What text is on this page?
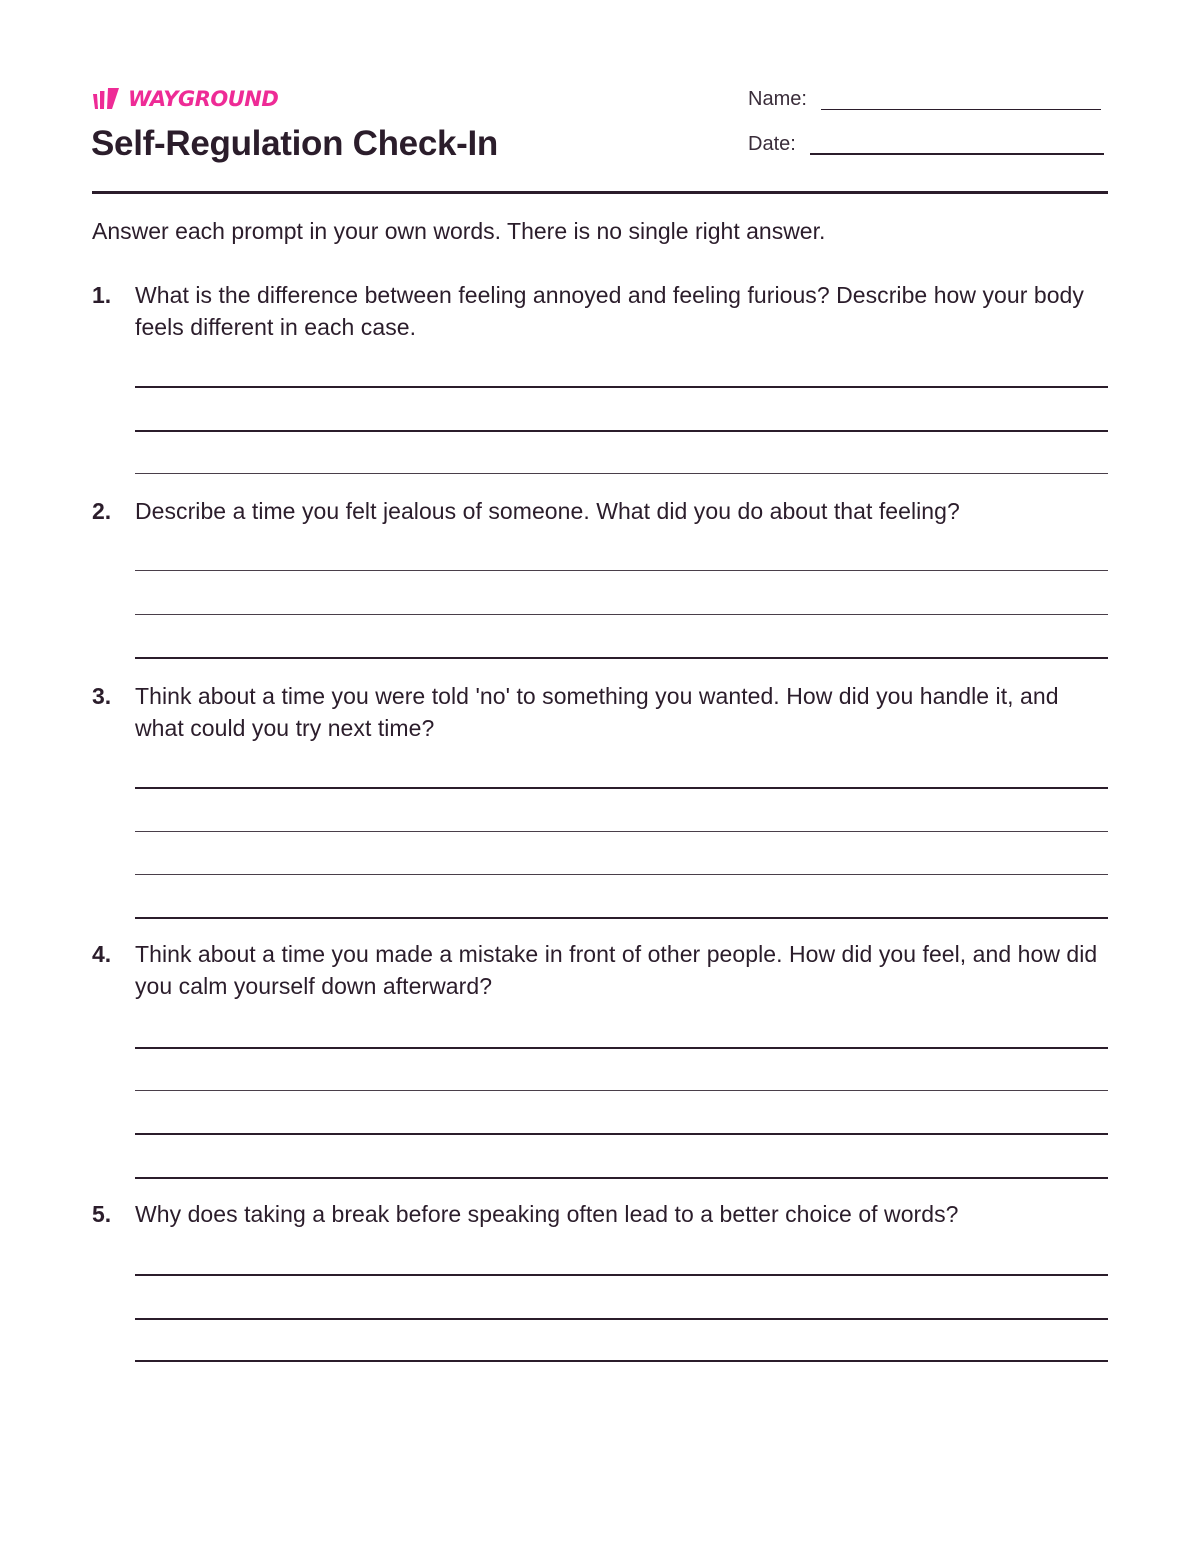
WAYGROUND
Self-Regulation Check-In
Name:
Date:

Answer each prompt in your own words. There is no single right answer.

1. What is the difference between feeling annoyed and feeling furious? Describe how your body feels different in each case.

2. Describe a time you felt jealous of someone. What did you do about that feeling?

3. Think about a time you were told 'no' to something you wanted. How did you handle it, and what could you try next time?

4. Think about a time you made a mistake in front of other people. How did you feel, and how did you calm yourself down afterward?

5. Why does taking a break before speaking often lead to a better choice of words?
